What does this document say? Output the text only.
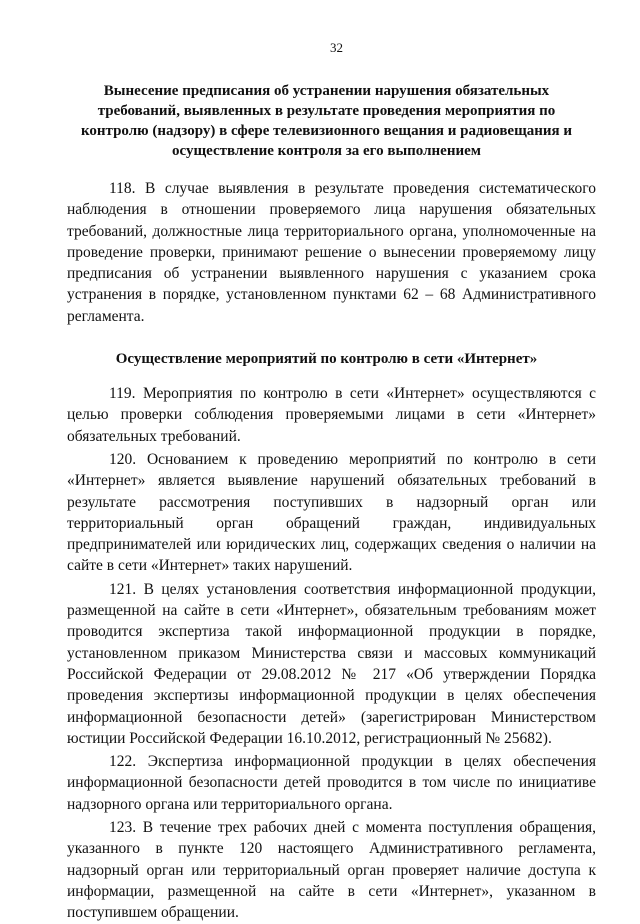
32
Вынесение предписания об устранении нарушения обязательных требований, выявленных в результате проведения мероприятия по контролю (надзору) в сфере телевизионного вещания и радиовещания и осуществление контроля за его выполнением

118. В случае выявления в результате проведения систематического наблюдения в отношении проверяемого лица нарушения обязательных требований, должностные лица территориального органа, уполномоченные на проведение проверки, принимают решение о вынесении проверяемому лицу предписания об устранении выявленного нарушения с указанием срока устранения в порядке, установленном пунктами 62 – 68 Административного регламента.

Осуществление мероприятий по контролю в сети «Интернет»

119. Мероприятия по контролю в сети «Интернет» осуществляются с целью проверки соблюдения проверяемыми лицами в сети «Интернет» обязательных требований.

120. Основанием к проведению мероприятий по контролю в сети «Интернет» является выявление нарушений обязательных требований в результате рассмотрения поступивших в надзорный орган или территориальный орган обращений граждан, индивидуальных предпринимателей или юридических лиц, содержащих сведения о наличии на сайте в сети «Интернет» таких нарушений.

121. В целях установления соответствия информационной продукции, размещенной на сайте в сети «Интернет», обязательным требованиям может проводится экспертиза такой информационной продукции в порядке, установленном приказом Министерства связи и массовых коммуникаций Российской Федерации от 29.08.2012 № 217 «Об утверждении Порядка проведения экспертизы информационной продукции в целях обеспечения информационной безопасности детей» (зарегистрирован Министерством юстиции Российской Федерации 16.10.2012, регистрационный № 25682).

122. Экспертиза информационной продукции в целях обеспечения информационной безопасности детей проводится в том числе по инициативе надзорного органа или территориального органа.

123. В течение трех рабочих дней с момента поступления обращения, указанного в пункте 120 настоящего Административного регламента, надзорный орган или территориальный орган проверяет наличие доступа к информации, размещенной на сайте в сети «Интернет», указанном в поступившем обращении.
